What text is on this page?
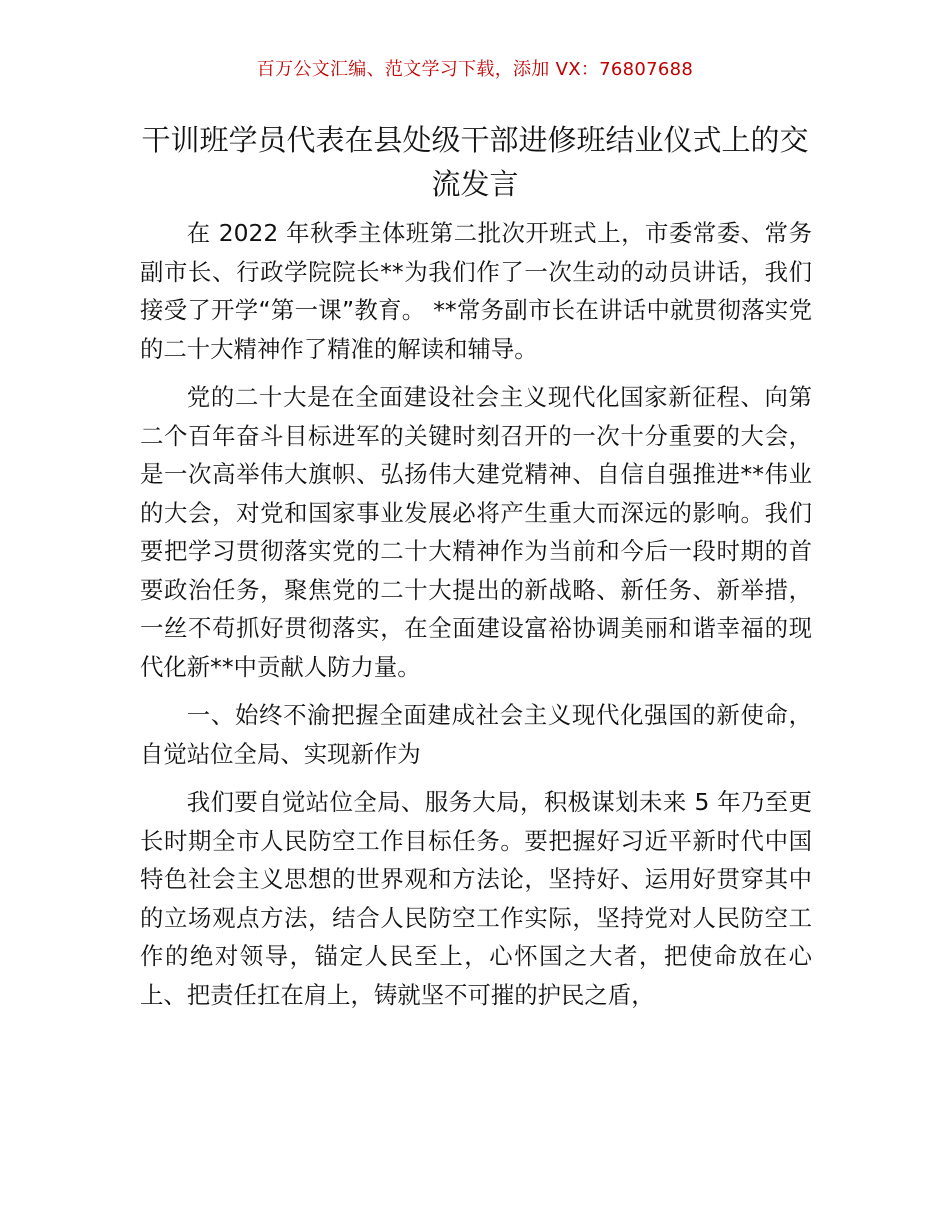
百万公文汇编、范文学习下载，添加 VX：76807688
干训班学员代表在县处级干部进修班结业仪式上的交流发言

在 2022 年秋季主体班第二批次开班式上，市委常委、常务副市长、行政学院院长**为我们作了一次生动的动员讲话，我们接受了开学“第一课”教育。 **常务副市长在讲话中就贯彻落实党的二十大精神作了精准的解读和辅导。

党的二十大是在全面建设社会主义现代化国家新征程、向第二个百年奋斗目标进军的关键时刻召开的一次十分重要的大会，是一次高举伟大旗帜、弘扬伟大建党精神、自信自强推进**伟业的大会，对党和国家事业发展必将产生重大而深远的影响。我们要把学习贯彻落实党的二十大精神作为当前和今后一段时期的首要政治任务，聚焦党的二十大提出的新战略、新任务、新举措，一丝不苟抓好贯彻落实，在全面建设富裕协调美丽和谐幸福的现代化新**中贡献人防力量。

一、始终不渝把握全面建成社会主义现代化强国的新使命，自觉站位全局、实现新作为

我们要自觉站位全局、服务大局，积极谋划未来 5 年乃至更长时期全市人民防空工作目标任务。要把握好习近平新时代中国特色社会主义思想的世界观和方法论，坚持好、运用好贯穿其中的立场观点方法，结合人民防空工作实际，坚持党对人民防空工作的绝对领导，锚定人民至上，心怀国之大者，把使命放在心上、把责任扛在肩上，铸就坚不可摧的护民之盾，
